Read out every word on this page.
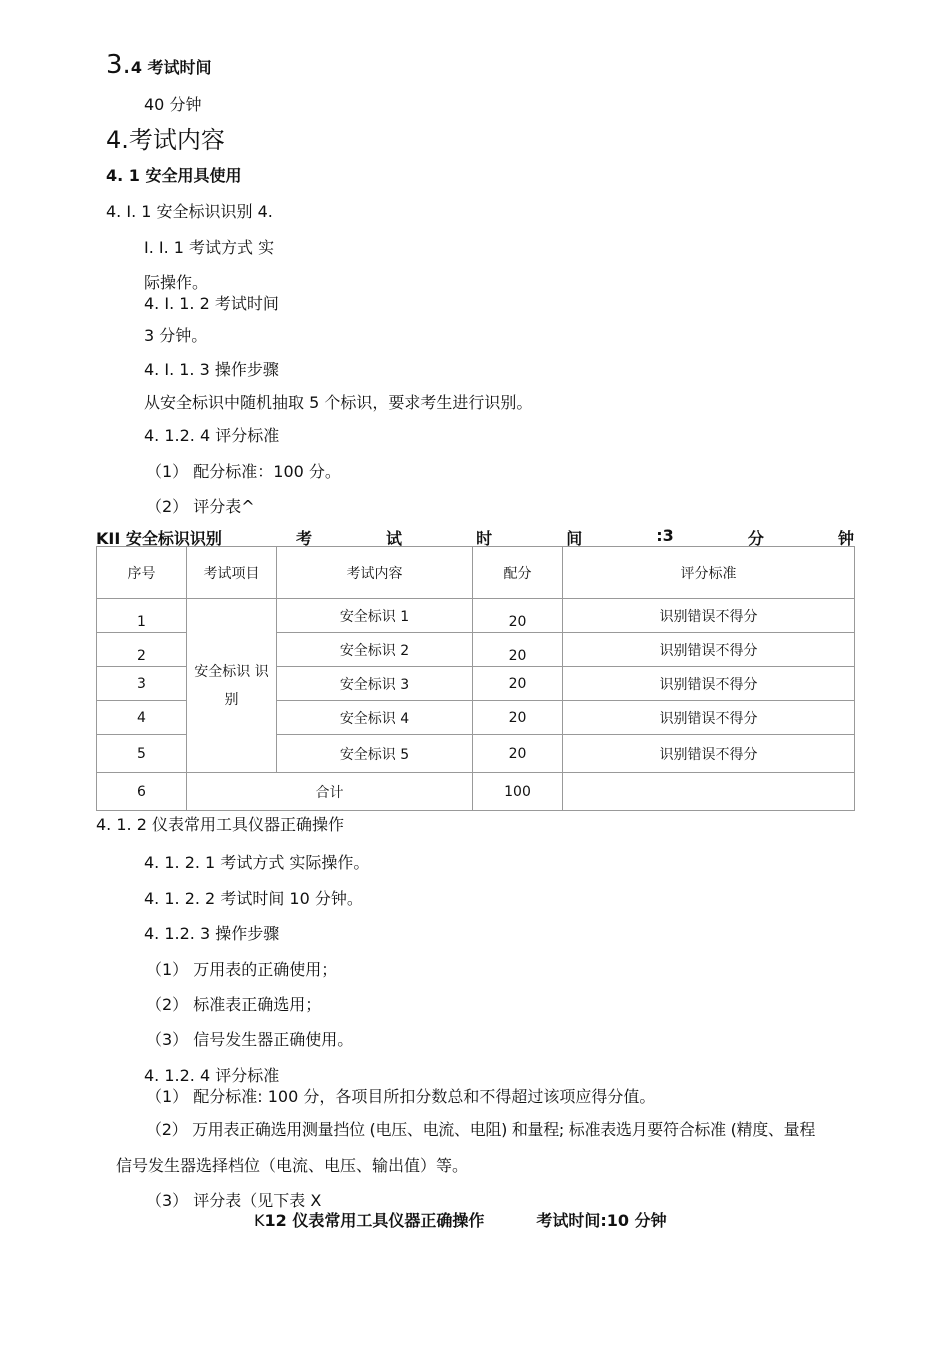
3.4 考试时间
40 分钟
4.考试内容
4. 1 安全用具使用
4. I. 1 安全标识识别 4.
I. I. 1 考试方式 实
际操作。
4. I. 1. 2 考试时间
3 分钟。
4. I. 1. 3 操作步骤
从安全标识中随机抽取 5 个标识，要求考生进行识别。
4. 1.2. 4 评分标准
（1） 配分标准：100 分。
（2） 评分表^
KII 安全标识识别	考	试	时	间	:3	分	钟
序号	考试项目	考试内容	配分	评分标准
1	安全标识 识别	安全标识 1	20	识别错误不得分
2		安全标识 2	20	识别错误不得分
3		安全标识 3	20	识别错误不得分
4		安全标识 4	20	识别错误不得分
5		安全标识 5	20	识别错误不得分
6	合计		100	
4. 1. 2 仪表常用工具仪器正确操作
4. 1. 2. 1 考试方式 实际操作。
4. 1. 2. 2 考试时间 10 分钟。
4. 1.2. 3 操作步骤
（1） 万用表的正确使用；
（2） 标准表正确选用；
（3） 信号发生器正确使用。
4. 1.2. 4 评分标准
（1） 配分标准: 100 分，各项目所扣分数总和不得超过该项应得分值。
（2） 万用表正确选用测量挡位 (电压、电流、电阻) 和量程; 标准表选月要符合标准 (精度、量程
信号发生器选择档位（电流、电压、输出值）等。
（3） 评分表（见下表 X
K12 仪表常用工具仪器正确操作	考试时间:10 分钟
